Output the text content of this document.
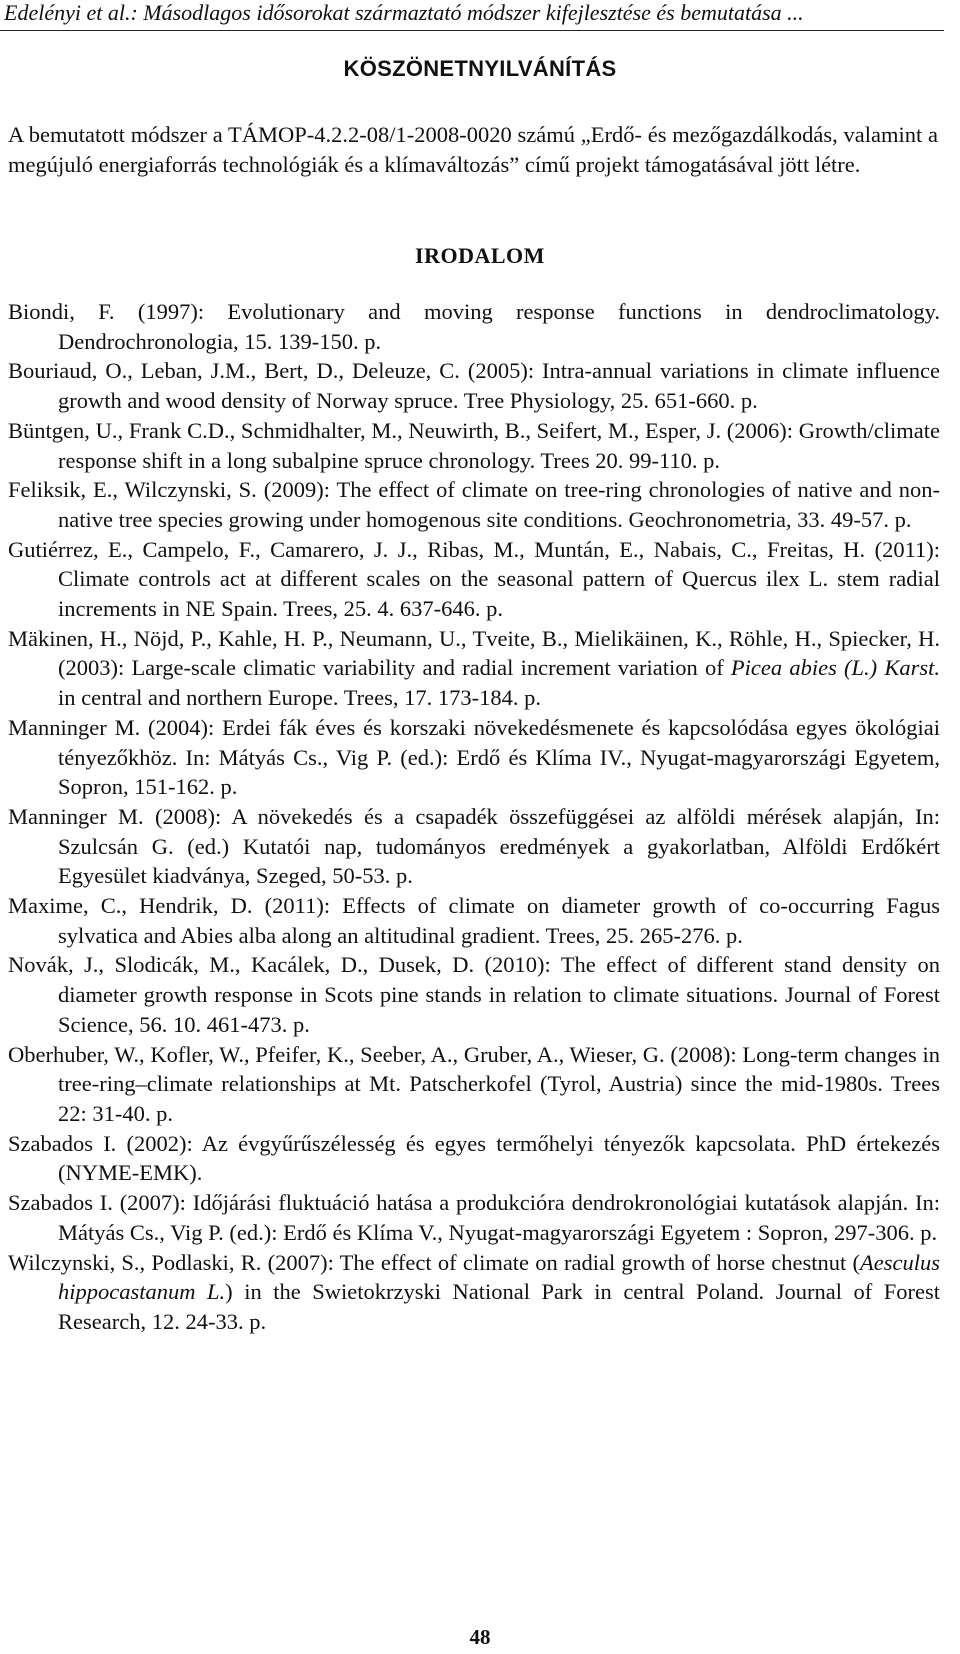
Edelényi et al.: Másodlagos idősorokat származtató módszer kifejlesztése és bemutatása ...
KÖSZÖNETNYILVÁNÍTÁS
A bemutatott módszer a TÁMOP-4.2.2-08/1-2008-0020 számú „Erdő- és mezőgazdálkodás, valamint a megújuló energiaforrás technológiák és a klímaváltozás” című projekt támogatásával jött létre.
IRODALOM
Biondi, F. (1997): Evolutionary and moving response functions in dendroclimatology. Dendrochronologia, 15. 139-150. p.
Bouriaud, O., Leban, J.M., Bert, D., Deleuze, C. (2005): Intra-annual variations in climate influence growth and wood density of Norway spruce. Tree Physiology, 25. 651-660. p.
Büntgen, U., Frank C.D., Schmidhalter, M., Neuwirth, B., Seifert, M., Esper, J. (2006): Growth/climate response shift in a long subalpine spruce chronology. Trees 20. 99-110. p.
Feliksik, E., Wilczynski, S. (2009): The effect of climate on tree-ring chronologies of native and non-native tree species growing under homogenous site conditions. Geochronometria, 33. 49-57. p.
Gutiérrez, E., Campelo, F., Camarero, J. J., Ribas, M., Muntán, E., Nabais, C., Freitas, H. (2011): Climate controls act at different scales on the seasonal pattern of Quercus ilex L. stem radial increments in NE Spain. Trees, 25. 4. 637-646. p.
Mäkinen, H., Nöjd, P., Kahle, H. P., Neumann, U., Tveite, B., Mielikäinen, K., Röhle, H., Spiecker, H. (2003): Large-scale climatic variability and radial increment variation of Picea abies (L.) Karst. in central and northern Europe. Trees, 17. 173-184. p.
Manninger M. (2004): Erdei fák éves és korszaki növekedésmenete és kapcsolódása egyes ökológiai tényezőkhöz. In: Mátyás Cs., Vig P. (ed.): Erdő és Klíma IV., Nyugat-magyarországi Egyetem, Sopron, 151-162. p.
Manninger M. (2008): A növekedés és a csapadék összefüggései az alföldi mérések alapján, In: Szulcsán G. (ed.) Kutatói nap, tudományos eredmények a gyakorlatban, Alföldi Erdőkért Egyesület kiadványa, Szeged, 50-53. p.
Maxime, C., Hendrik, D. (2011): Effects of climate on diameter growth of co-occurring Fagus sylvatica and Abies alba along an altitudinal gradient. Trees, 25. 265-276. p.
Novák, J., Slodicák, M., Kacálek, D., Dusek, D. (2010): The effect of different stand density on diameter growth response in Scots pine stands in relation to climate situations. Journal of Forest Science, 56. 10. 461-473. p.
Oberhuber, W., Kofler, W., Pfeifer, K., Seeber, A., Gruber, A., Wieser, G. (2008): Long-term changes in tree-ring–climate relationships at Mt. Patscherkofel (Tyrol, Austria) since the mid-1980s. Trees 22: 31-40. p.
Szabados I. (2002): Az évgyűrűszélesség és egyes termőhelyi tényezők kapcsolata. PhD értekezés (NYME-EMK).
Szabados I. (2007): Időjárási fluktuáció hatása a produkcióra dendrokronológiai kutatások alapján. In: Mátyás Cs., Vig P. (ed.): Erdő és Klíma V., Nyugat-magyarországi Egyetem : Sopron, 297-306. p.
Wilczynski, S., Podlaski, R. (2007): The effect of climate on radial growth of horse chestnut (Aesculus hippocastanum L.) in the Swietokrzyski National Park in central Poland. Journal of Forest Research, 12. 24-33. p.
48
